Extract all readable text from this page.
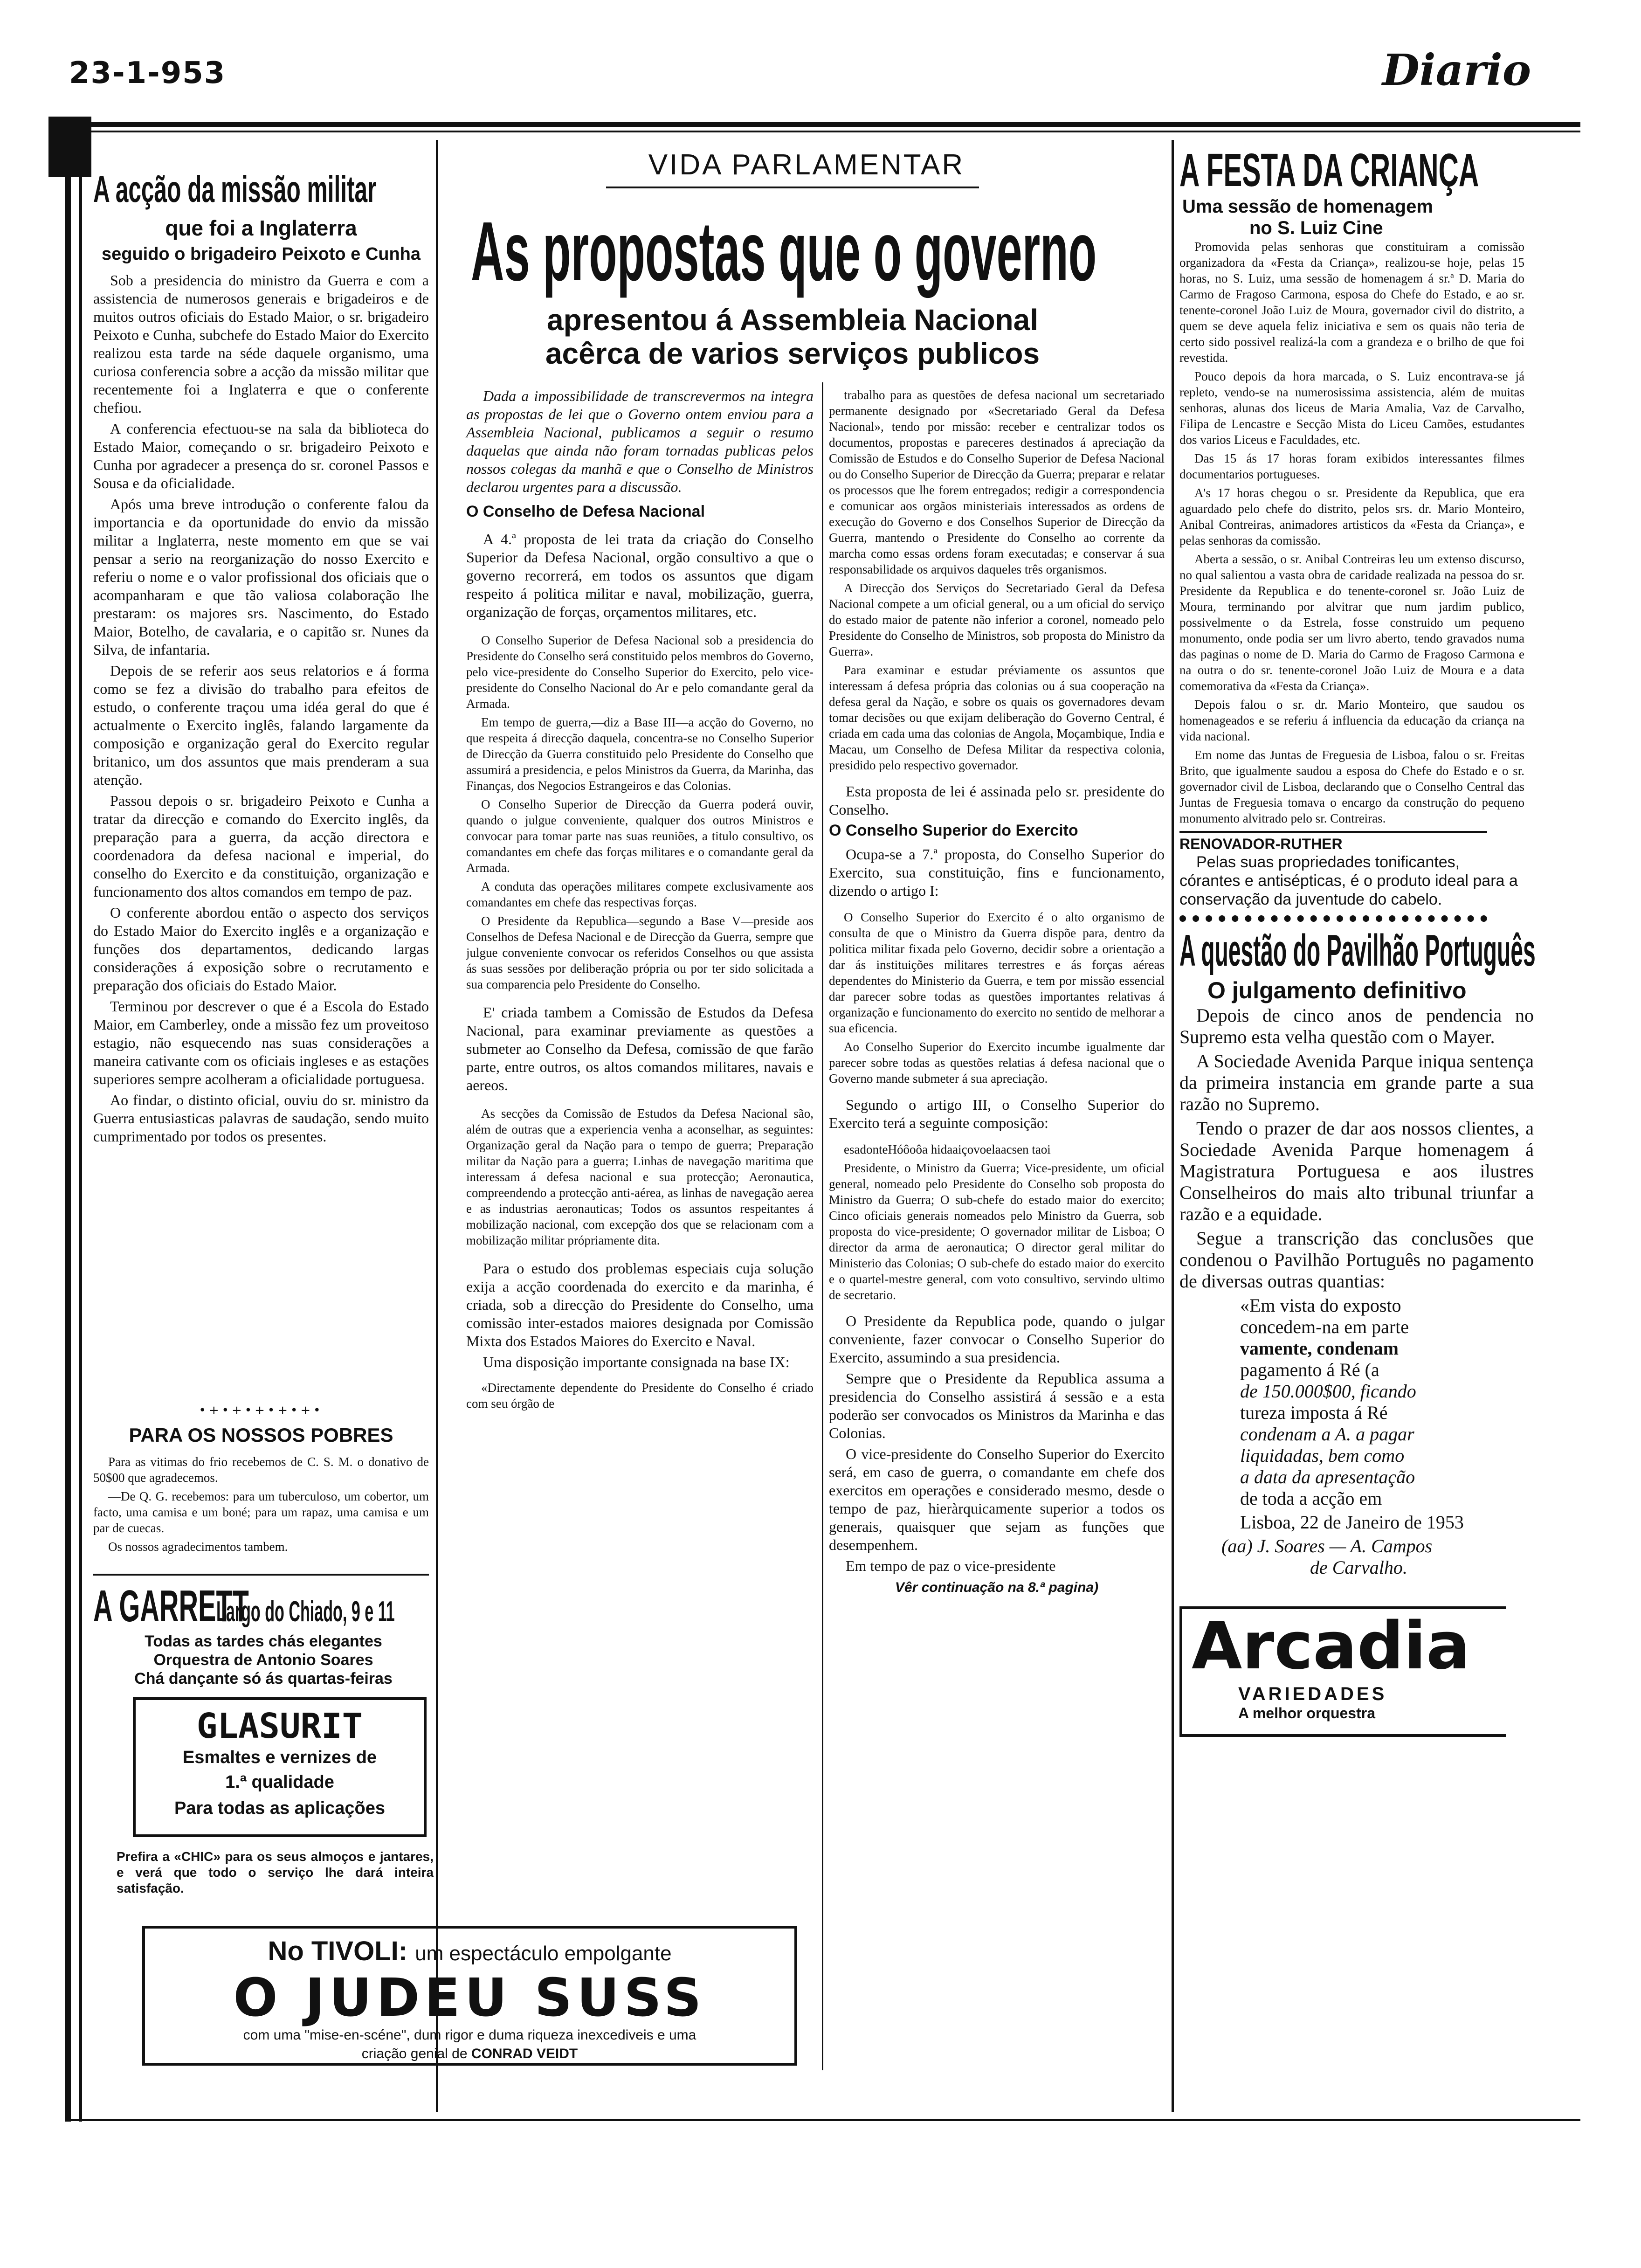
23-1-953	Diario
A acção da missão militar
que foi a Inglaterra
seguido o brigadeiro Peixoto e Cunha

Sob a presidencia do ministro da Guerra e com a assistencia de numerosos generais e brigadeiros e de muitos outros oficiais do Estado Maior, o sr. brigadeiro Peixoto e Cunha, subchefe do Estado Maior do Exercito realizou esta tarde na séde daquele organismo, uma curiosa conferencia sobre a acção da missão militar que recentemente foi a Inglaterra e que o conferente chefiou.

A conferencia efectuou-se na sala da biblioteca do Estado Maior, começando o sr. brigadeiro Peixoto e Cunha por agradecer a presença do sr. coronel Passos e Sousa e da oficialidade.

Após uma breve introdução o conferente falou da importancia e da oportunidade do envio da missão militar a Inglaterra, neste momento em que se vai pensar a serio na reorganização do nosso Exercito e referiu o nome e o valor profissional dos oficiais que o acompanharam e que tão valiosa colaboração lhe prestaram: os majores srs. Nascimento, do Estado Maior, Botelho, de cavalaria, e o capitão sr. Nunes da Silva, de infantaria.

Depois de se referir aos seus relatorios e á forma como se fez a divisão do trabalho para efeitos de estudo, o conferente traçou uma idéa geral do que é actualmente o Exercito inglês, falando largamente da composição e organização geral do Exercito regular britanico, um dos assuntos que mais prenderam a sua atenção.

Passou depois o sr. brigadeiro Peixoto e Cunha a tratar da direcção e comando do Exercito inglês, da preparação para a guerra, da acção directora e coordenadora da defesa nacional e imperial, do conselho do Exercito e da constituição, organização e funcionamento dos altos comandos em tempo de paz.

O conferente abordou então o aspecto dos serviços do Estado Maior do Exercito inglês e a organização e funções dos departamentos, dedicando largas considerações á exposição sobre o recrutamento e preparação dos oficiais do Estado Maior.

Terminou por descrever o que é a Escola do Estado Maior, em Camberley, onde a missão fez um proveitoso estagio, não esquecendo nas suas considerações a maneira cativante com os oficiais ingleses e as estações superiores sempre acolheram a oficialidade portuguesa.

Ao findar, o distinto oficial, ouviu do sr. ministro da Guerra entusiasticas palavras de saudação, sendo muito cumprimentado por todos os presentes.

•+•+•+•+•+•
PARA OS NOSSOS POBRES

Para as vitimas do frio recebemos de C. S. M. o donativo de 50$00 que agradecemos.

—De Q. G. recebemos: para um tuberculoso, um cobertor, um facto, uma camisa e um boné; para um rapaz, uma camisa e um par de cuecas.

Os nossos agradecimentos tambem.

A GARRETT Largo do Chiado, 9 e 11
Todas as tardes chás elegantes
Orquestra de Antonio Soares
Chá dançante só ás quartas-feiras
GLASURIT
Esmaltes e vernizes de
1.ª qualidade
Para todas as aplicações
Prefira a «CHIC» para os seus almoços e jantares, e verá que todo o serviço lhe dará inteira satisfação.
No TIVOLI: um espectáculo empolgante
O JUDEU SUSS
com uma "mise-en-scéne", dum rigor e duma riqueza inexcediveis e uma
criação genial de CONRAD VEIDT
VIDA PARLAMENTAR
As propostas que o governo
apresentou á Assembleia Nacional
acêrca de varios serviços publicos

Dada a impossibilidade de transcrevermos na integra as propostas de lei que o Governo ontem enviou para a Assembleia Nacional, publicamos a seguir o resumo daquelas que ainda não foram tornadas publicas pelos nossos colegas da manhã e que o Conselho de Ministros declarou urgentes para a discussão.

O Conselho de Defesa Nacional

A 4.ª proposta de lei trata da criação do Conselho Superior da Defesa Nacional, orgão consultivo a que o governo recorrerá, em todos os assuntos que digam respeito á politica militar e naval, mobilização, guerra, organização de forças, orçamentos militares, etc.

O Conselho Superior de Defesa Nacional sob a presidencia do Presidente do Conselho será constituido pelos membros do Governo, pelo vice-presidente do Conselho Superior do Exercito, pelo vice-presidente do Conselho Nacional do Ar e pelo comandante geral da Armada.

Em tempo de guerra,—diz a Base III—a acção do Governo, no que respeita á direcção daquela, concentra-se no Conselho Superior de Direcção da Guerra constituido pelo Presidente do Conselho que assumirá a presidencia, e pelos Ministros da Guerra, da Marinha, das Finanças, dos Negocios Estrangeiros e das Colonias.

O Conselho Superior de Direcção da Guerra poderá ouvir, quando o julgue conveniente, qualquer dos outros Ministros e convocar para tomar parte nas suas reuniões, a titulo consultivo, os comandantes em chefe das forças militares e o comandante geral da Armada.

A conduta das operações militares compete exclusivamente aos comandantes em chefe das respectivas forças.

O Presidente da Republica—segundo a Base V—preside aos Conselhos de Defesa Nacional e de Direcção da Guerra, sempre que julgue conveniente convocar os referidos Conselhos ou que assista ás suas sessões por deliberação própria ou por ter sido solicitada a sua comparencia pelo Presidente do Conselho.

E' criada tambem a Comissão de Estudos da Defesa Nacional, para examinar previamente as questões a submeter ao Conselho da Defesa, comissão de que farão parte, entre outros, os altos comandos militares, navais e aereos.

As secções da Comissão de Estudos da Defesa Nacional são, além de outras que a experiencia venha a aconselhar, as seguintes: Organização geral da Nação para o tempo de guerra; Preparação militar da Nação para a guerra; Linhas de navegação maritima que interessam á defesa nacional e sua protecção; Aeronautica, compreendendo a protecção anti-aérea, as linhas de navegação aerea e as industrias aeronauticas; Todos os assuntos respeitantes á mobilização nacional, com excepção dos que se relacionam com a mobilização militar própriamente dita.

Para o estudo dos problemas especiais cuja solução exija a acção coordenada do exercito e da marinha, é criada, sob a direcção do Presidente do Conselho, uma comissão inter-estados maiores designada por Comissão Mixta dos Estados Maiores do Exercito e Naval.

Uma disposição importante consignada na base IX:

«Directamente dependente do Presidente do Conselho é criado com seu órgão de

trabalho para as questões de defesa nacional um secretariado permanente designado por «Secretariado Geral da Defesa Nacional», tendo por missão: receber e centralizar todos os documentos, propostas e pareceres destinados á apreciação da Comissão de Estudos e do Conselho Superior de Defesa Nacional ou do Conselho Superior de Direcção da Guerra; preparar e relatar os processos que lhe forem entregados; redigir a correspondencia e comunicar aos orgãos ministeriais interessados as ordens de execução do Governo e dos Conselhos Superior de Direcção da Guerra, mantendo o Presidente do Conselho ao corrente da marcha como essas ordens foram executadas; e conservar á sua responsabilidade os arquivos daqueles três organismos.

A Direcção dos Serviços do Secretariado Geral da Defesa Nacional compete a um oficial general, ou a um oficial do serviço do estado maior de patente não inferior a coronel, nomeado pelo Presidente do Conselho de Ministros, sob proposta do Ministro da Guerra».

Para examinar e estudar préviamente os assuntos que interessam á defesa própria das colonias ou á sua cooperação na defesa geral da Nação, e sobre os quais os governadores devam tomar decisões ou que exijam deliberação do Governo Central, é criada em cada uma das colonias de Angola, Moçambique, India e Macau, um Conselho de Defesa Militar da respectiva colonia, presidido pelo respectivo governador.

Esta proposta de lei é assinada pelo sr. presidente do Conselho.

O Conselho Superior do Exercito

Ocupa-se a 7.ª proposta, do Conselho Superior do Exercito, sua constituição, fins e funcionamento, dizendo o artigo I:

O Conselho Superior do Exercito é o alto organismo de consulta de que o Ministro da Guerra dispõe para, dentro da politica militar fixada pelo Governo, decidir sobre a orientação a dar ás instituições militares terrestres e ás forças aéreas dependentes do Ministerio da Guerra, e tem por missão essencial dar parecer sobre todas as questões importantes relativas á organização e funcionamento do exercito no sentido de melhorar a sua eficencia.

Ao Conselho Superior do Exercito incumbe igualmente dar parecer sobre todas as questões relatias á defesa nacional que o Governo mande submeter á sua apreciação.

Segundo o artigo III, o Conselho Superior do Exercito terá a seguinte composição:

esadonteHóôoôa hidaaiçovoelaacsen taoi

Presidente, o Ministro da Guerra; Vice-presidente, um oficial general, nomeado pelo Presidente do Conselho sob proposta do Ministro da Guerra; O sub-chefe do estado maior do exercito; Cinco oficiais generais nomeados pelo Ministro da Guerra, sob proposta do vice-presidente; O governador militar de Lisboa; O director da arma de aeronautica; O director geral militar do Ministerio das Colonias; O sub-chefe do estado maior do exercito e o quartel-mestre general, com voto consultivo, servindo ultimo de secretario.

O Presidente da Republica pode, quando o julgar conveniente, fazer convocar o Conselho Superior do Exercito, assumindo a sua presidencia.

Sempre que o Presidente da Republica assuma a presidencia do Conselho assistirá á sessão e a esta poderão ser convocados os Ministros da Marinha e das Colonias.

O vice-presidente do Conselho Superior do Exercito será, em caso de guerra, o comandante em chefe dos exercitos em operações e considerado mesmo, desde o tempo de paz, hieràrquicamente superior a todos os generais, quaisquer que sejam as funções que desempenhem.

Em tempo de paz o vice-presidente

Vêr continuação na 8.ª pagina)
A FESTA DA CRIANÇA
Uma sessão de homenagem
no S. Luiz Cine

Promovida pelas senhoras que constituiram a comissão organizadora da «Festa da Criança», realizou-se hoje, pelas 15 horas, no S. Luiz, uma sessão de homenagem á sr.ª D. Maria do Carmo de Fragoso Carmona, esposa do Chefe do Estado, e ao sr. tenente-coronel João Luiz de Moura, governador civil do distrito, a quem se deve aquela feliz iniciativa e sem os quais não teria de certo sido possivel realizá-la com a grandeza e o brilho de que foi revestida.

Pouco depois da hora marcada, o S. Luiz encontrava-se já repleto, vendo-se na numerosissima assistencia, além de muitas senhoras, alunas dos liceus de Maria Amalia, Vaz de Carvalho, Filipa de Lencastre e Secção Mista do Liceu Camões, estudantes dos varios Liceus e Faculdades, etc.

Das 15 ás 17 horas foram exibidos interessantes filmes documentarios portugueses.

A's 17 horas chegou o sr. Presidente da Republica, que era aguardado pelo chefe do distrito, pelos srs. dr. Mario Monteiro, Anibal Contreiras, animadores artisticos da «Festa da Criança», e pelas senhoras da comissão.

Aberta a sessão, o sr. Anibal Contreiras leu um extenso discurso, no qual salientou a vasta obra de caridade realizada na pessoa do sr. Presidente da Republica e do tenente-coronel sr. João Luiz de Moura, terminando por alvitrar que num jardim publico, possivelmente o da Estrela, fosse construido um pequeno monumento, onde podia ser um livro aberto, tendo gravados numa das paginas o nome de D. Maria do Carmo de Fragoso Carmona e na outra o do sr. tenente-coronel João Luiz de Moura e a data comemorativa da «Festa da Criança».

Depois falou o sr. dr. Mario Monteiro, que saudou os homenageados e se referiu á influencia da educação da criança na vida nacional.

Em nome das Juntas de Freguesia de Lisboa, falou o sr. Freitas Brito, que igualmente saudou a esposa do Chefe do Estado e o sr. governador civil de Lisboa, declarando que o Conselho Central das Juntas de Freguesia tomava o encargo da construção do pequeno monumento alvitrado pelo sr. Contreiras.

RENOVADOR-RUTHER
Pelas suas propriedades tonificantes, córantes e antisépticas, é o produto ideal para a conservação da juventude do cabelo.
A questão do Pavilhão Português
O julgamento definitivo

Depois de cinco anos de pendencia no Supremo esta velha questão com o Mayer.

A Sociedade Avenida Parque iniqua sentença da primeira instancia em grande parte a sua razão no Supremo.

Tendo o prazer de dar aos nossos clientes, a Sociedade Avenida Parque homenagem á Magistratura Portuguesa e aos ilustres Conselheiros do mais alto tribunal triunfar a razão e a equidade.

Segue a transcrição das conclusões que condenou o Pavilhão Português no pagamento de diversas outras quantias:

«Em vista do exposto
concedem-na em parte
vamente, condenam
pagamento á Ré (a
de 150.000$00, ficando
tureza imposta á Ré
condenam a A. a pagar
liquidadas, bem como
a data da apresentação
de toda a acção em
Lisboa, 22 de Janeiro de 1953
(aa) J. Soares — A. Campos
de Carvalho.
Arcadia
VARIEDADES
A melhor orquestra
